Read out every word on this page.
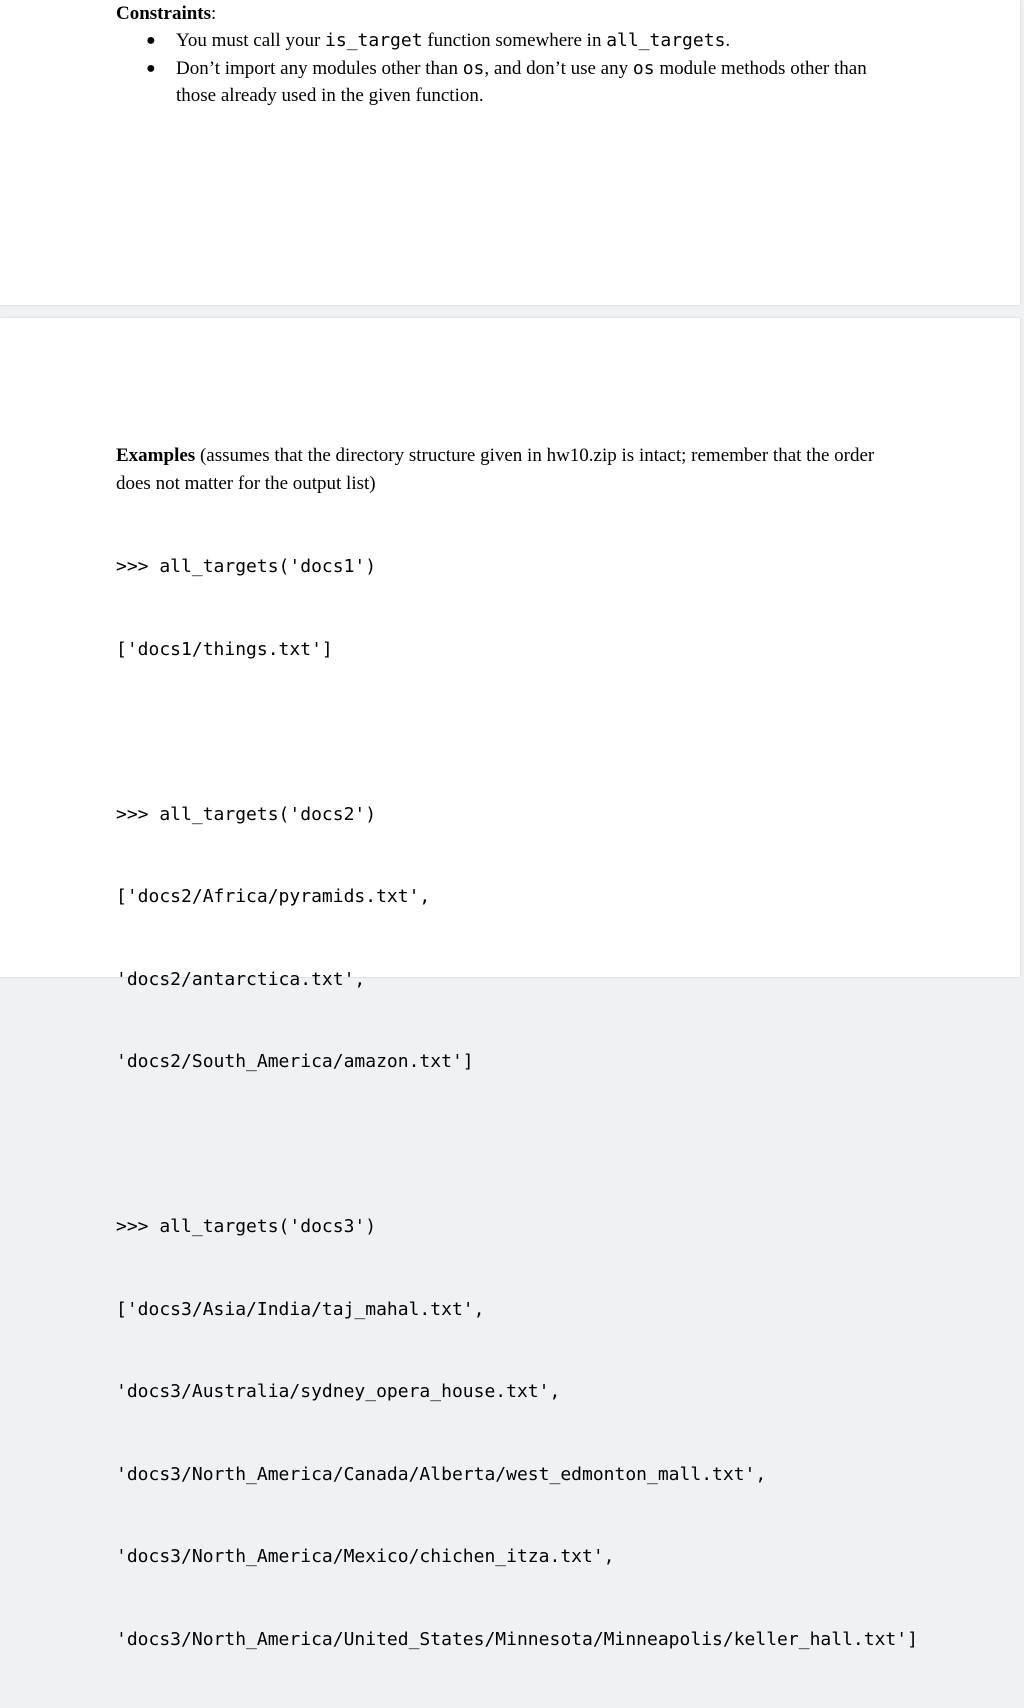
Constraints:
● You must call your is_target function somewhere in all_targets.
● Don’t import any modules other than os, and don’t use any os module methods other than those already used in the given function.

Examples (assumes that the directory structure given in hw10.zip is intact; remember that the order does not matter for the output list)

>>> all_targets('docs1')

['docs1/things.txt']

>>> all_targets('docs2')

['docs2/Africa/pyramids.txt',

'docs2/antarctica.txt',

'docs2/South_America/amazon.txt']

>>> all_targets('docs3')

['docs3/Asia/India/taj_mahal.txt',

'docs3/Australia/sydney_opera_house.txt',

'docs3/North_America/Canada/Alberta/west_edmonton_mall.txt',

'docs3/North_America/Mexico/chichen_itza.txt',

'docs3/North_America/United_States/Minnesota/Minneapolis/keller_hall.txt']
